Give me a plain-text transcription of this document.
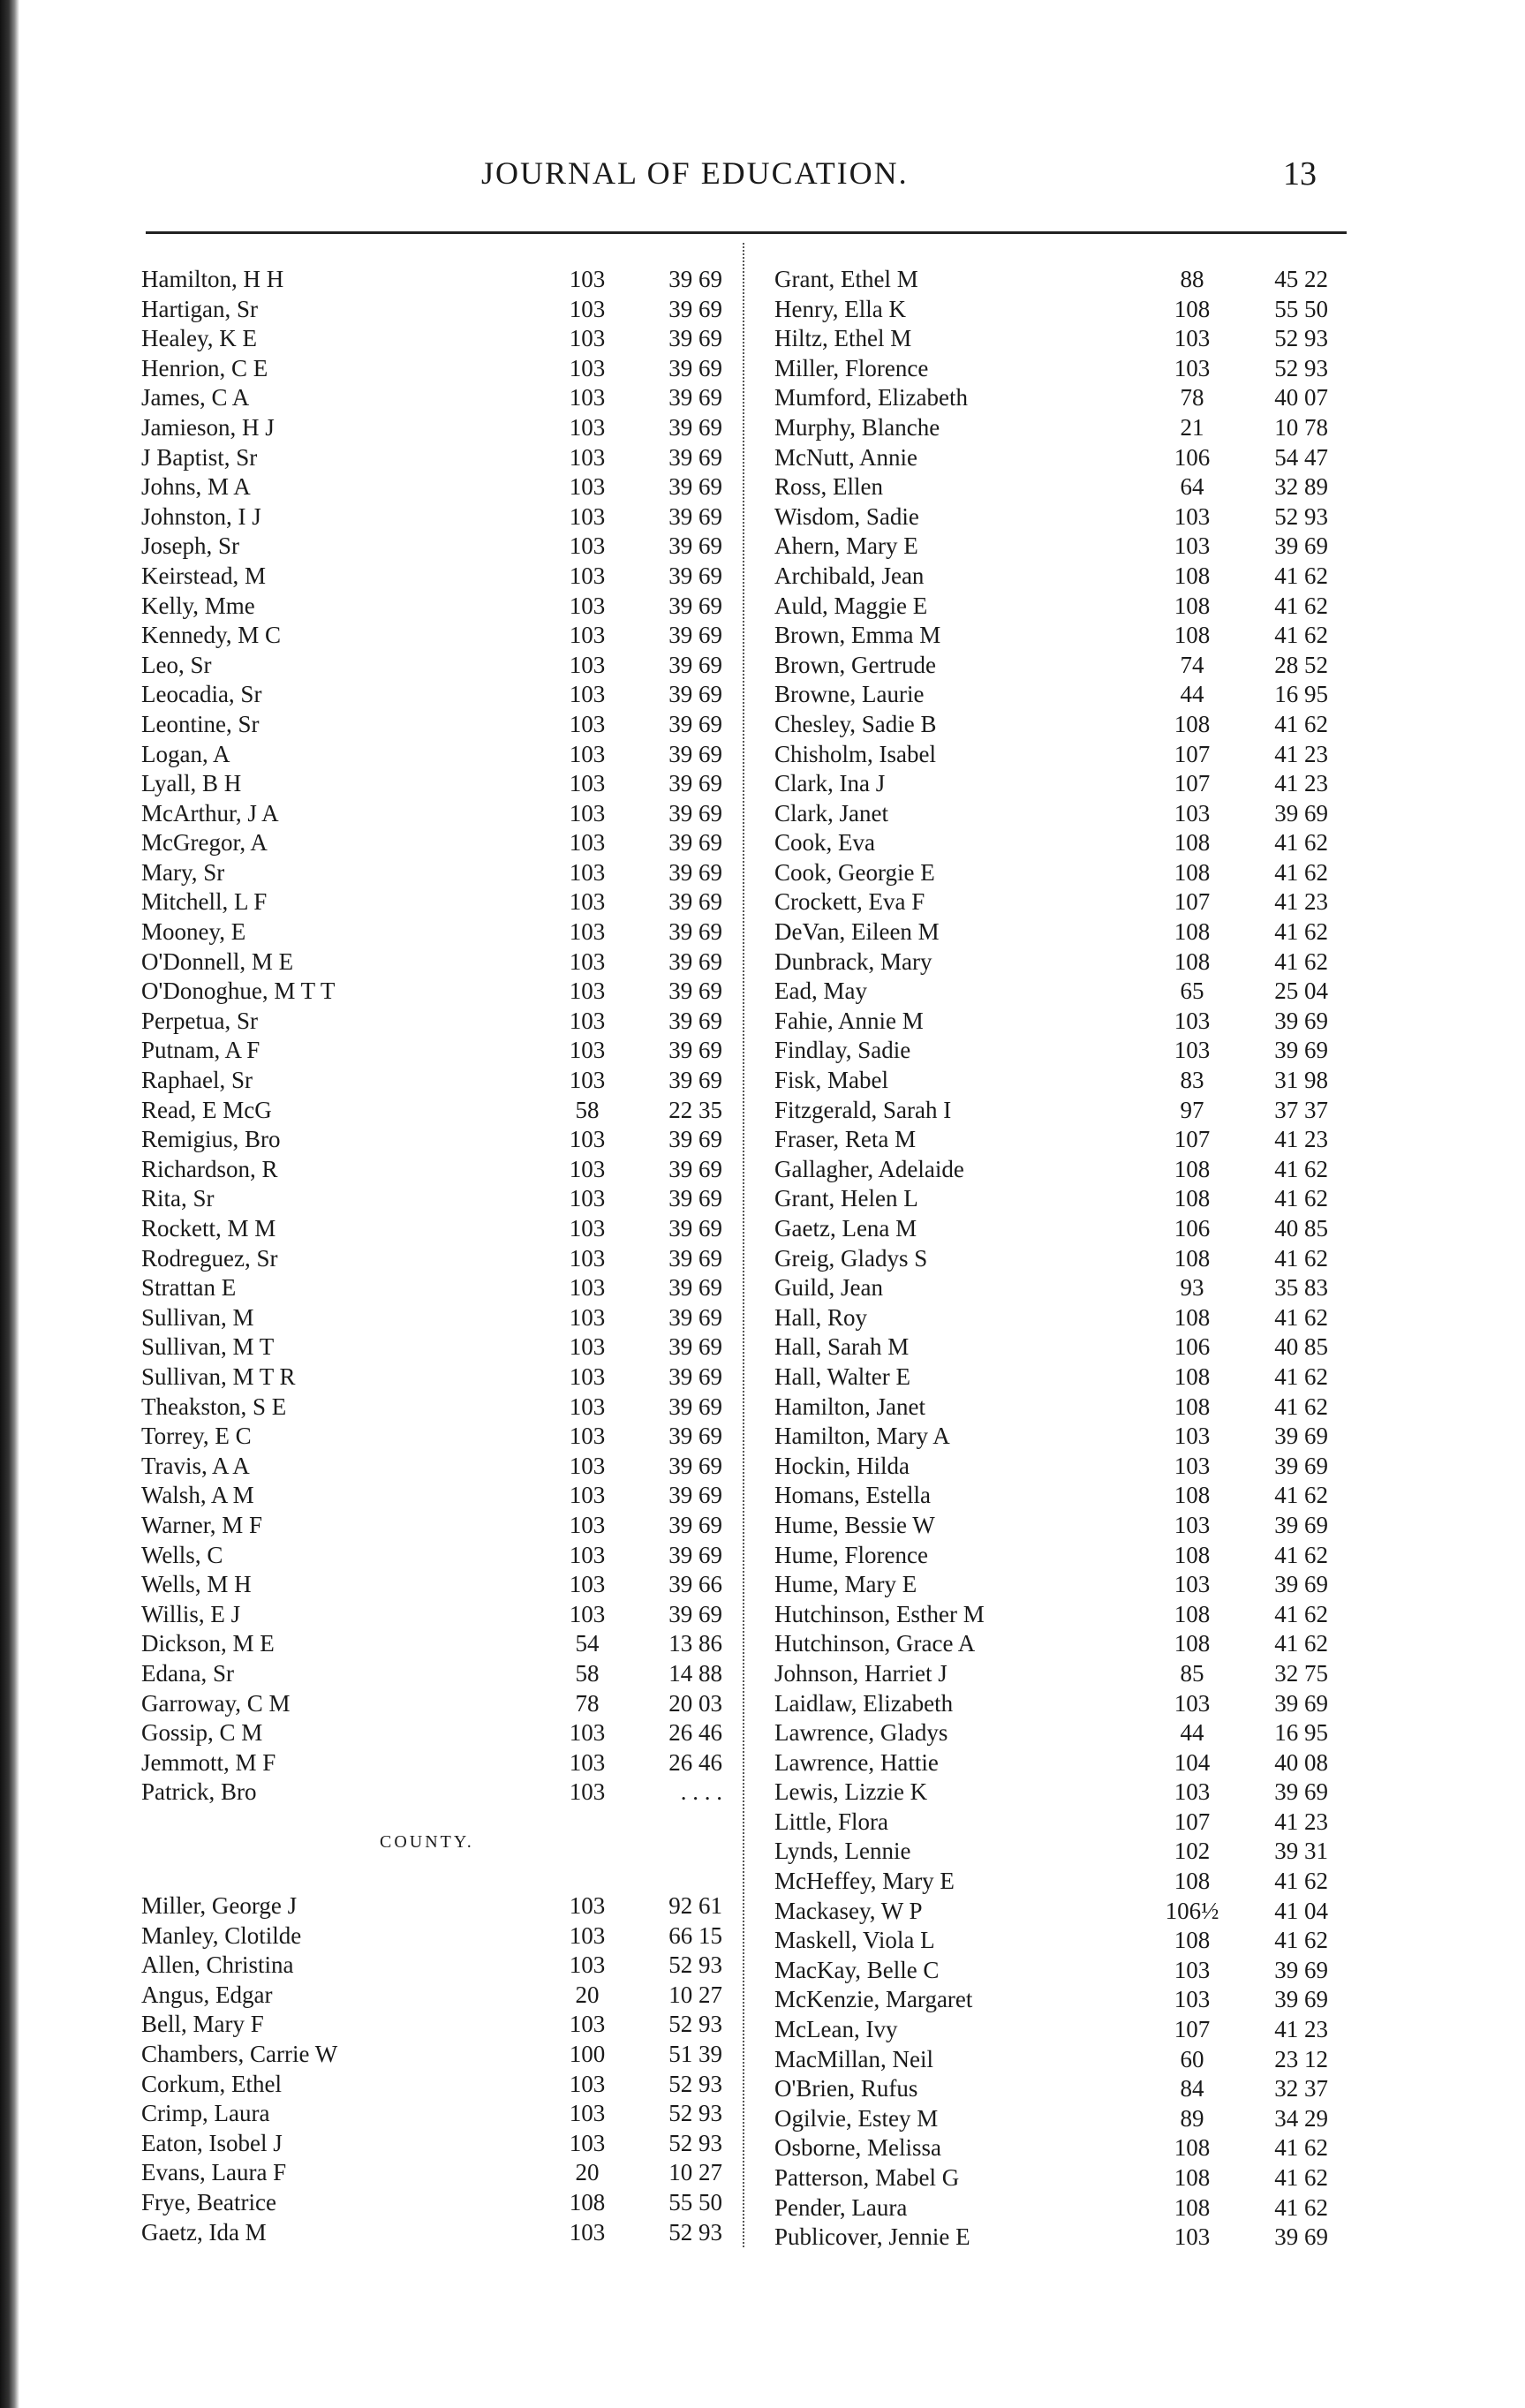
JOURNAL OF EDUCATION.	13
Hamilton, H H	103	39 69
Hartigan, Sr	103	39 69
Healey, K E	103	39 69
Henrion, C E	103	39 69
James, C A	103	39 69
Jamieson, H J	103	39 69
J Baptist, Sr	103	39 69
Johns, M A	103	39 69
Johnston, I J	103	39 69
Joseph, Sr	103	39 69
Keirstead, M	103	39 69
Kelly, Mme	103	39 69
Kennedy, M C	103	39 69
Leo, Sr	103	39 69
Leocadia, Sr	103	39 69
Leontine, Sr	103	39 69
Logan, A	103	39 69
Lyall, B H	103	39 69
McArthur, J A	103	39 69
McGregor, A	103	39 69
Mary, Sr	103	39 69
Mitchell, L F	103	39 69
Mooney, E	103	39 69
O'Donnell, M E	103	39 69
O'Donoghue, M T T	103	39 69
Perpetua, Sr	103	39 69
Putnam, A F	103	39 69
Raphael, Sr	103	39 69
Read, E McG	58	22 35
Remigius, Bro	103	39 69
Richardson, R	103	39 69
Rita, Sr	103	39 69
Rockett, M M	103	39 69
Rodreguez, Sr	103	39 69
Strattan E	103	39 69
Sullivan, M	103	39 69
Sullivan, M T	103	39 69
Sullivan, M T R	103	39 69
Theakston, S E	103	39 69
Torrey, E C	103	39 69
Travis, A A	103	39 69
Walsh, A M	103	39 69
Warner, M F	103	39 69
Wells, C	103	39 69
Wells, M H	103	39 66
Willis, E J	103	39 69
Dickson, M E	54	13 86
Edana, Sr	58	14 88
Garroway, C M	78	20 03
Gossip, C M	103	26 46
Jemmott, M F	103	26 46
Patrick, Bro	103	. . . .
COUNTY.
Miller, George J	103	92 61
Manley, Clotilde	103	66 15
Allen, Christina	103	52 93
Angus, Edgar	20	10 27
Bell, Mary F	103	52 93
Chambers, Carrie W	100	51 39
Corkum, Ethel	103	52 93
Crimp, Laura	103	52 93
Eaton, Isobel J	103	52 93
Evans, Laura F	20	10 27
Frye, Beatrice	108	55 50
Gaetz, Ida M	103	52 93
Grant, Ethel M	88	45 22
Henry, Ella K	108	55 50
Hiltz, Ethel M	103	52 93
Miller, Florence	103	52 93
Mumford, Elizabeth	78	40 07
Murphy, Blanche	21	10 78
McNutt, Annie	106	54 47
Ross, Ellen	64	32 89
Wisdom, Sadie	103	52 93
Ahern, Mary E	103	39 69
Archibald, Jean	108	41 62
Auld, Maggie E	108	41 62
Brown, Emma M	108	41 62
Brown, Gertrude	74	28 52
Browne, Laurie	44	16 95
Chesley, Sadie B	108	41 62
Chisholm, Isabel	107	41 23
Clark, Ina J	107	41 23
Clark, Janet	103	39 69
Cook, Eva	108	41 62
Cook, Georgie E	108	41 62
Crockett, Eva F	107	41 23
DeVan, Eileen M	108	41 62
Dunbrack, Mary	108	41 62
Ead, May	65	25 04
Fahie, Annie M	103	39 69
Findlay, Sadie	103	39 69
Fisk, Mabel	83	31 98
Fitzgerald, Sarah I	97	37 37
Fraser, Reta M	107	41 23
Gallagher, Adelaide	108	41 62
Grant, Helen L	108	41 62
Gaetz, Lena M	106	40 85
Greig, Gladys S	108	41 62
Guild, Jean	93	35 83
Hall, Roy	108	41 62
Hall, Sarah M	106	40 85
Hall, Walter E	108	41 62
Hamilton, Janet	108	41 62
Hamilton, Mary A	103	39 69
Hockin, Hilda	103	39 69
Homans, Estella	108	41 62
Hume, Bessie W	103	39 69
Hume, Florence	108	41 62
Hume, Mary E	103	39 69
Hutchinson, Esther M	108	41 62
Hutchinson, Grace A	108	41 62
Johnson, Harriet J	85	32 75
Laidlaw, Elizabeth	103	39 69
Lawrence, Gladys	44	16 95
Lawrence, Hattie	104	40 08
Lewis, Lizzie K	103	39 69
Little, Flora	107	41 23
Lynds, Lennie	102	39 31
McHeffey, Mary E	108	41 62
Mackasey, W P	106½	41 04
Maskell, Viola L	108	41 62
MacKay, Belle C	103	39 69
McKenzie, Margaret	103	39 69
McLean, Ivy	107	41 23
MacMillan, Neil	60	23 12
O'Brien, Rufus	84	32 37
Ogilvie, Estey M	89	34 29
Osborne, Melissa	108	41 62
Patterson, Mabel G	108	41 62
Pender, Laura	108	41 62
Publicover, Jennie E	103	39 69
